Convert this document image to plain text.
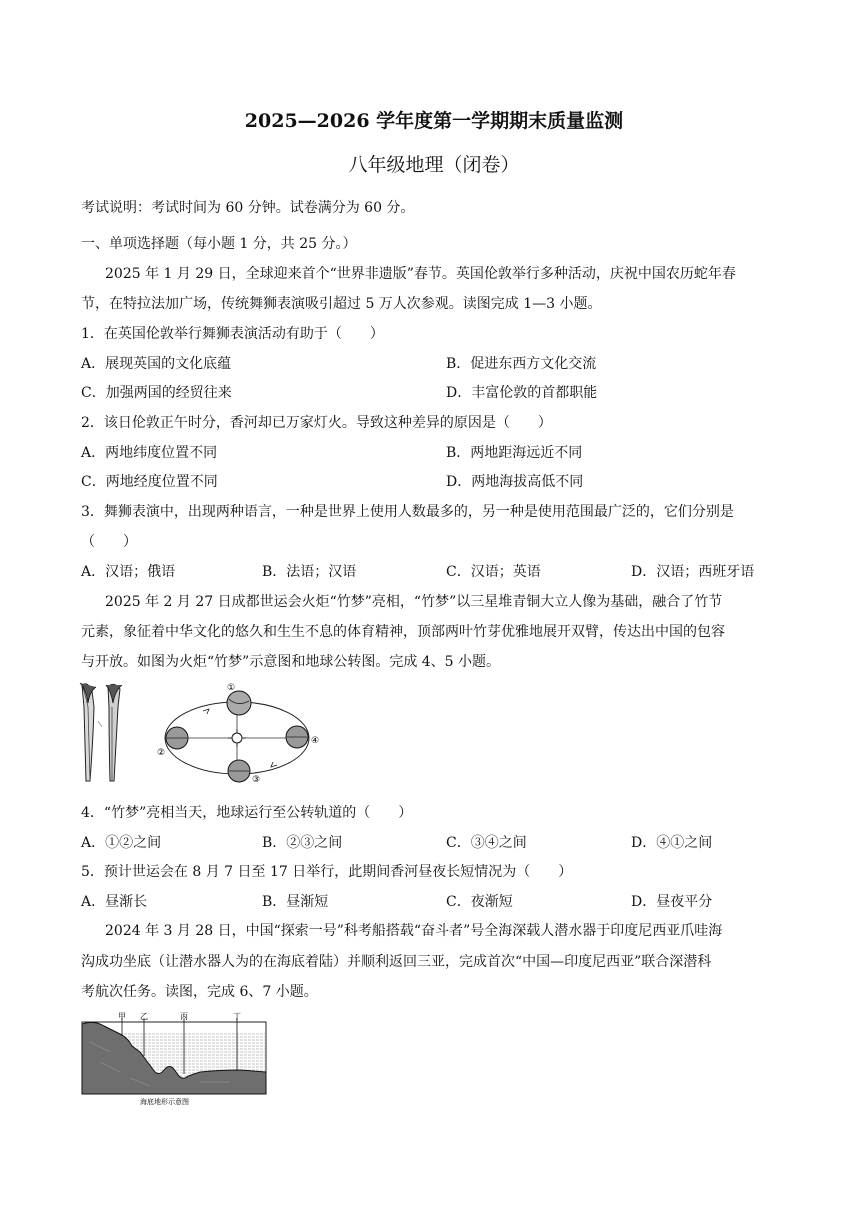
2025—2026 学年度第一学期期末质量监测
八年级地理（闭卷）
考试说明：考试时间为 60 分钟。试卷满分为 60 分。
一、单项选择题（每小题 1 分，共 25 分。）
2025 年 1 月 29 日，全球迎来首个“世界非遗版”春节。英国伦敦举行多种活动，庆祝中国农历蛇年春
节，在特拉法加广场，传统舞狮表演吸引超过 5 万人次参观。读图完成 1—3 小题。
1．在英国伦敦举行舞狮表演活动有助于（　　）
A．展现英国的文化底蕴	B．促进东西方文化交流
C．加强两国的经贸往来	D．丰富伦敦的首都职能
2．该日伦敦正午时分，香河却已万家灯火。导致这种差异的原因是（　　）
A．两地纬度位置不同	B．两地距海远近不同
C．两地经度位置不同	D．两地海拔高低不同
3．舞狮表演中，出现两种语言，一种是世界上使用人数最多的，另一种是使用范围最广泛的，它们分别是
（　　）
A．汉语；俄语	B．法语；汉语	C．汉语；英语	D．汉语；西班牙语
2025 年 2 月 27 日成都世运会火炬“竹梦”亮相，“竹梦”以三星堆青铜大立人像为基础，融合了竹节
元素，象征着中华文化的悠久和生生不息的体育精神，顶部两叶竹芽优雅地展开双臂，传达出中国的包容
与开放。如图为火炬“竹梦”示意图和地球公转图。完成 4、5 小题。
①
②
③
④
4．“竹梦”亮相当天，地球运行至公转轨道的（　　）
A．①②之间	B．②③之间	C．③④之间	D．④①之间
5．预计世运会在 8 月 7 日至 17 日举行，此期间香河昼夜长短情况为（　　）
A．昼渐长	B．昼渐短	C．夜渐短	D．昼夜平分
2024 年 3 月 28 日，中国“探索一号”科考船搭载“奋斗者”号全海深载人潜水器于印度尼西亚爪哇海
沟成功坐底（让潜水器人为的在海底着陆）并顺利返回三亚，完成首次“中国—印度尼西亚”联合深潜科
考航次任务。读图，完成 6、7 小题。
甲 乙	丙	丁
海底地形示意图
